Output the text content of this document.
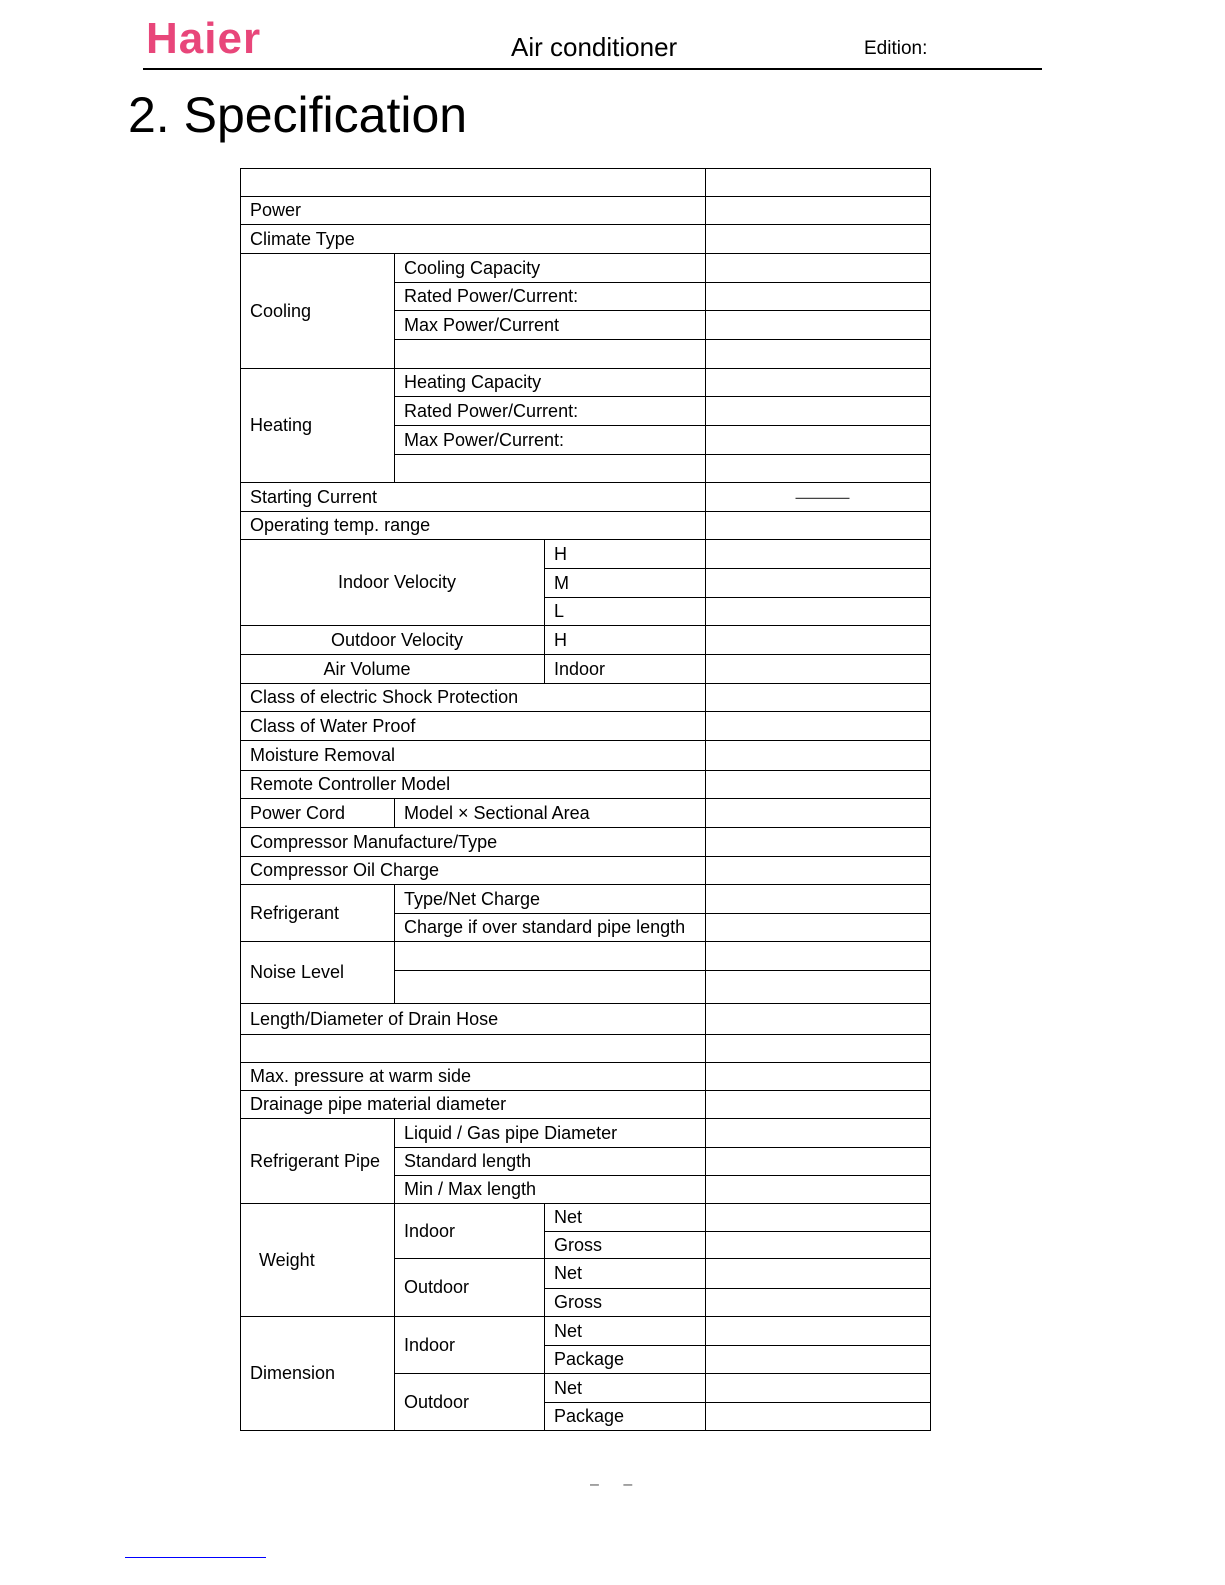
Haier	Air conditioner	Edition:
2. Specification

Power			
Climate Type			
Cooling	Cooling Capacity		
	Rated Power/Current:		
	Max Power/Current		

Heating	Heating Capacity		
	Rated Power/Current:		
	Max Power/Current:		

Starting Current			———
Operating temp. range			
Indoor Velocity		H	
		M	
		L	
Outdoor Velocity		H	
Air Volume		Indoor	
Class of electric Shock Protection			
Class of Water Proof			
Moisture Removal			
Remote Controller Model			
Power Cord	Model × Sectional Area		
Compressor Manufacture/Type			
Compressor Oil Charge			
Refrigerant	Type/Net Charge		
	Charge if over standard pipe length		
Noise Level			

Length/Diameter of Drain Hose			

Max. pressure at warm side			
Drainage pipe material diameter			
Refrigerant Pipe	Liquid / Gas pipe Diameter		
	Standard length		
	Min / Max length		
Weight	Indoor	Net	
		Gross	
	Outdoor	Net	
		Gross	
Dimension	Indoor	Net	
		Package	
	Outdoor	Net	
		Package	
– –
